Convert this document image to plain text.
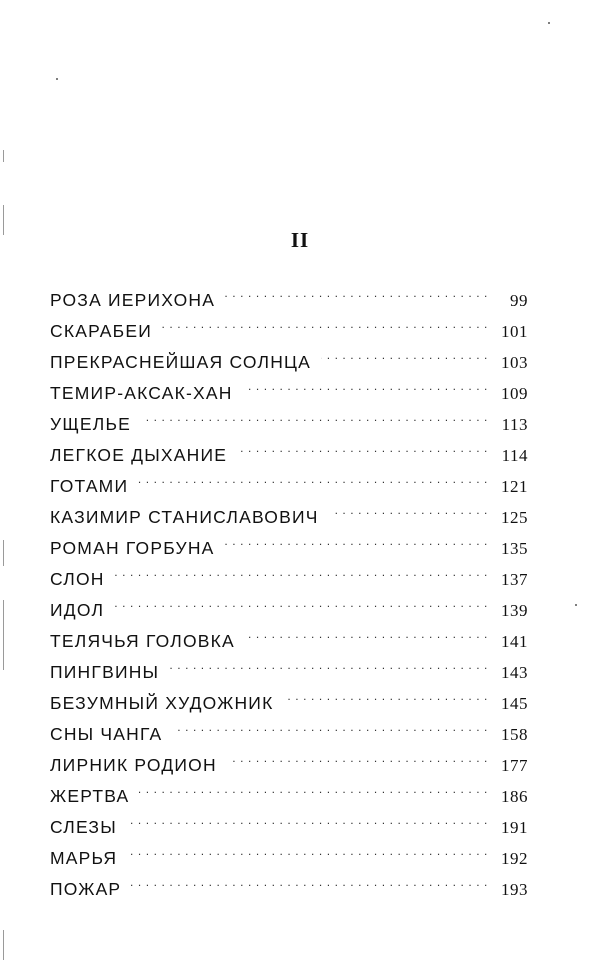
II
РОЗА ИЕРИХОНА . . .	99
СКАРАБЕИ . . .	101
ПРЕКРАСНЕЙШАЯ СОЛНЦА . . .	103
ТЕМИР-АКСАК-ХАН . . .	109
УЩЕЛЬЕ . . .	113
ЛЕГКОЕ ДЫХАНИЕ . . .	114
ГОТАМИ . . .	121
КАЗИМИР СТАНИСЛАВОВИЧ . . .	125
РОМАН ГОРБУНА . . .	135
СЛОН . . .	137
ИДОЛ . . .	139
ТЕЛЯЧЬЯ ГОЛОВКА . . .	141
ПИНГВИНЫ . . .	143
БЕЗУМНЫЙ ХУДОЖНИК . . .	145
СНЫ ЧАНГА . . .	158
ЛИРНИК РОДИОН . . .	177
ЖЕРТВА . . .	186
СЛЕЗЫ . . .	191
МАРЬЯ . . .	192
ПОЖАР . . .	193
